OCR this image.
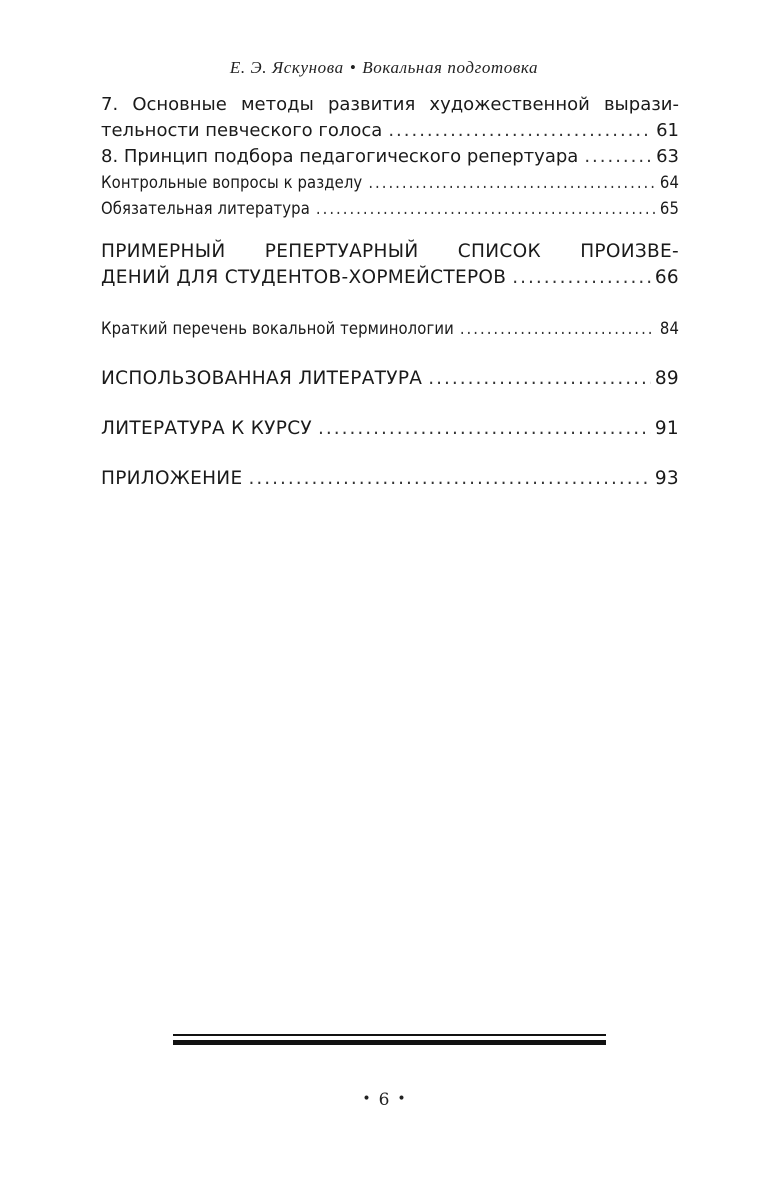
Е. Э. Яскунова • Вокальная подготовка
7. Основные методы развития художественной вырази-
тельности певческого голоса .....	61
8. Принцип подбора педагогического репертуара .....	63
Контрольные вопросы к разделу .....	64
Обязательная литература .....	65
ПРИМЕРНЫЙ РЕПЕРТУАРНЫЙ СПИСОК ПРОИЗВЕ-
ДЕНИЙ ДЛЯ СТУДЕНТОВ-ХОРМЕЙСТЕРОВ .....	66
Краткий перечень вокальной терминологии .....	84
ИСПОЛЬЗОВАННАЯ ЛИТЕРАТУРА .....	89
ЛИТЕРАТУРА К КУРСУ .....	91
ПРИЛОЖЕНИЕ .....	93
• 6 •
